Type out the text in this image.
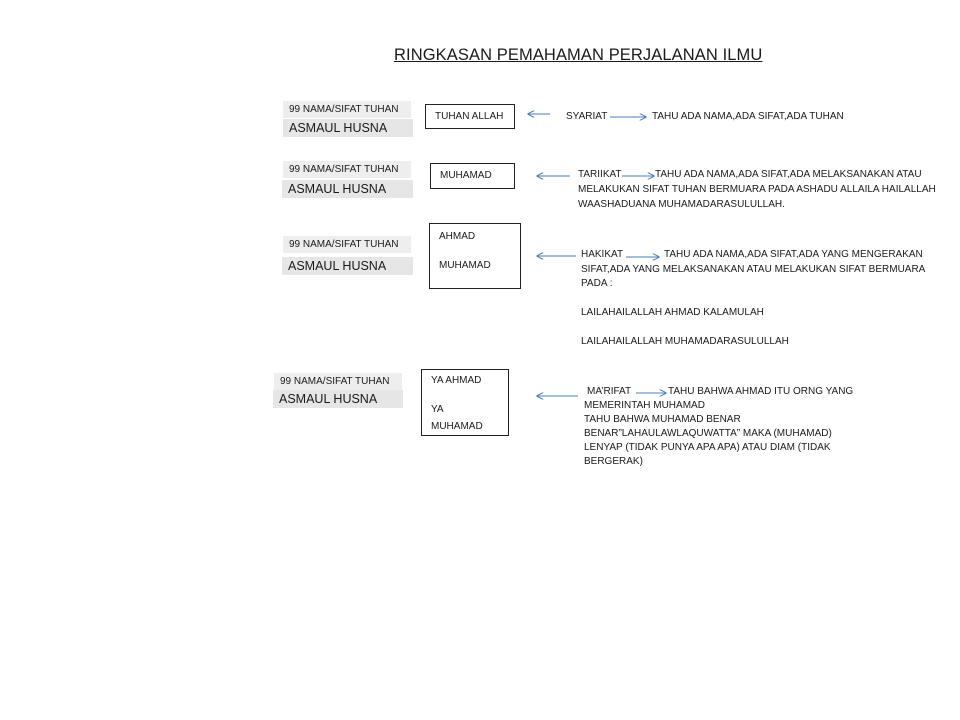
RINGKASAN PEMAHAMAN PERJALANAN ILMU
99 NAMA/SIFAT TUHAN
ASMAUL HUSNA
TUHAN ALLAH	SYARIAT	TAHU ADA NAMA,ADA SIFAT,ADA TUHAN
99 NAMA/SIFAT TUHAN
ASMAUL HUSNA
MUHAMAD	TARIIKAT	TAHU ADA NAMA,ADA SIFAT,ADA MELAKSANAKAN ATAU
MELAKUKAN SIFAT TUHAN BERMUARA PADA ASHADU ALLAILA HAILALLAH
WAASHADUANA MUHAMADARASULULLAH.
99 NAMA/SIFAT TUHAN
ASMAUL HUSNA
AHMAD
MUHAMAD
HAKIKAT	TAHU ADA NAMA,ADA SIFAT,ADA YANG MENGERAKAN
SIFAT,ADA YANG MELAKSANAKAN ATAU MELAKUKAN SIFAT BERMUARA
PADA :
LAILAHAILALLAH AHMAD KALAMULAH
LAILAHAILALLAH MUHAMADARASULULLAH
99 NAMA/SIFAT TUHAN
ASMAUL HUSNA
YA AHMAD
YA
MUHAMAD
MA’RIFAT	TAHU BAHWA AHMAD ITU ORNG YANG
MEMERINTAH MUHAMAD
TAHU BAHWA MUHAMAD BENAR
BENAR”LAHAULAWLAQUWATTA” MAKA (MUHAMAD)
LENYAP (TIDAK PUNYA APA APA) ATAU DIAM (TIDAK
BERGERAK)
